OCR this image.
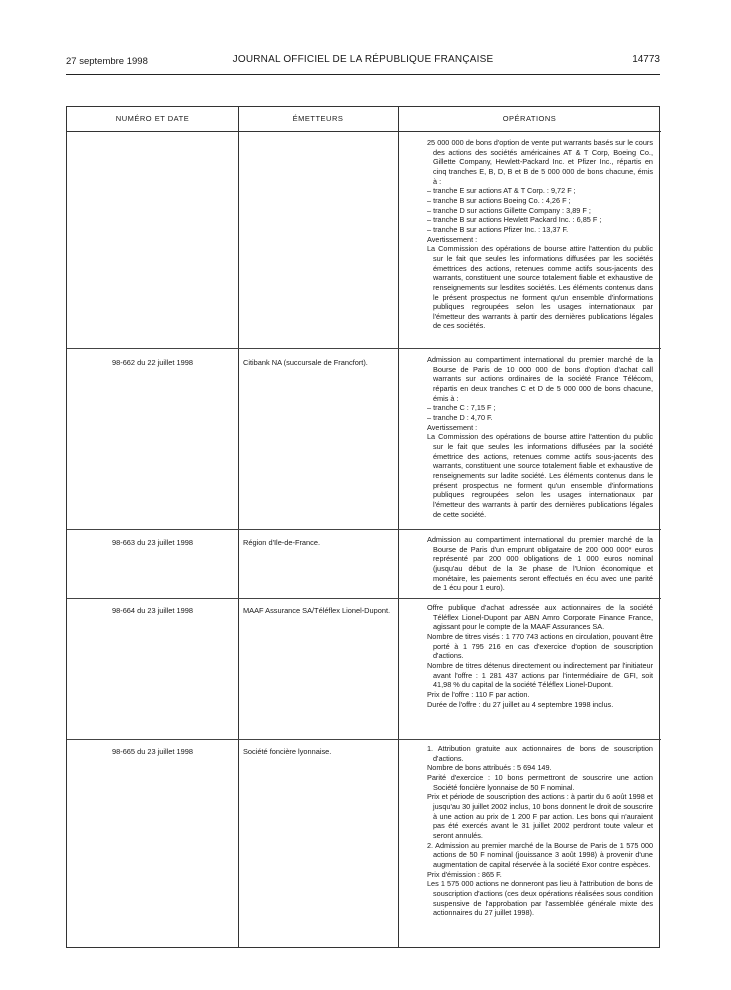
27 septembre 1998	JOURNAL OFFICIEL DE LA RÉPUBLIQUE FRANÇAISE	14773
NUMÉRO ET DATE	ÉMETTEURS	OPÉRATIONS

25 000 000 de bons d'option de vente put warrants basés sur le cours des actions des sociétés américaines AT & T Corp, Boeing Co., Gillette Company, Hewlett-Packard Inc. et Pfizer Inc., répartis en cinq tranches E, B, D, B et B de 5 000 000 de bons chacune, émis à :

– tranche E sur actions AT & T Corp. : 9,72 F ;

– tranche B sur actions Boeing Co. : 4,26 F ;

– tranche D sur actions Gillette Company : 3,89 F ;

– tranche B sur actions Hewlett Packard Inc. : 6,85 F ;

– tranche B sur actions Pfizer Inc. : 13,37 F.

Avertissement :

La Commission des opérations de bourse attire l'attention du public sur le fait que seules les informations diffusées par les sociétés émettrices des actions, retenues comme actifs sous-jacents des warrants, constituent une source totalement fiable et exhaustive de renseignements sur lesdites sociétés. Les éléments contenus dans le présent prospectus ne forment qu'un ensemble d'informations publiques regroupées selon les usages internationaux par l'émetteur des warrants à partir des dernières publications légales de ces sociétés.

98-662 du 22 juillet 1998	Citibank NA (succursale de Francfort).	Admission au compartiment international du premier marché de la Bourse de Paris de 10 000 000 de bons d'option d'achat call warrants sur actions ordinaires de la société France Télécom, répartis en deux tranches C et D de 5 000 000 de bons chacune, émis à :

– tranche C : 7,15 F ;

– tranche D : 4,70 F.

Avertissement :

La Commission des opérations de bourse attire l'attention du public sur le fait que seules les informations diffusées par la société émettrice des actions, retenues comme actifs sous-jacents des warrants, constituent une source totalement fiable et exhaustive de renseignements sur ladite société. Les éléments contenus dans le présent prospectus ne forment qu'un ensemble d'informations publiques regroupées selon les usages internationaux par l'émetteur des warrants à partir des dernières publications légales de cette société.

98-663 du 23 juillet 1998	Région d'Ile-de-France.	Admission au compartiment international du premier marché de la Bourse de Paris d'un emprunt obligataire de 200 000 000* euros représenté par 200 000 obligations de 1 000 euros nominal (jusqu'au début de la 3e phase de l'Union économique et monétaire, les paiements seront effectués en écu avec une parité de 1 écu pour 1 euro).

98-664 du 23 juillet 1998	MAAF Assurance SA/Téléflex Lionel-Dupont.	Offre publique d'achat adressée aux actionnaires de la société Téléflex Lionel-Dupont par ABN Amro Corporate Finance France, agissant pour le compte de la MAAF Assurances SA.

Nombre de titres visés : 1 770 743 actions en circulation, pouvant être porté à 1 795 216 en cas d'exercice d'option de souscription d'actions.

Nombre de titres détenus directement ou indirectement par l'initiateur avant l'offre : 1 281 437 actions par l'intermédiaire de GFI, soit 41,98 % du capital de la société Téléflex Lionel-Dupont.

Prix de l'offre : 110 F par action.

Durée de l'offre : du 27 juillet au 4 septembre 1998 inclus.

98-665 du 23 juillet 1998	Société foncière lyonnaise.	1. Attribution gratuite aux actionnaires de bons de souscription d'actions.

Nombre de bons attribués : 5 694 149.

Parité d'exercice : 10 bons permettront de souscrire une action Société foncière lyonnaise de 50 F nominal.

Prix et période de souscription des actions : à partir du 6 août 1998 et jusqu'au 30 juillet 2002 inclus, 10 bons donnent le droit de souscrire à une action au prix de 1 200 F par action. Les bons qui n'auraient pas été exercés avant le 31 juillet 2002 perdront toute valeur et seront annulés.

2. Admission au premier marché de la Bourse de Paris de 1 575 000 actions de 50 F nominal (jouissance 3 août 1998) à provenir d'une augmentation de capital réservée à la société Exor contre espèces.

Prix d'émission : 865 F.

Les 1 575 000 actions ne donneront pas lieu à l'attribution de bons de souscription d'actions (ces deux opérations réalisées sous condition suspensive de l'approbation par l'assemblée générale mixte des actionnaires du 27 juillet 1998).
